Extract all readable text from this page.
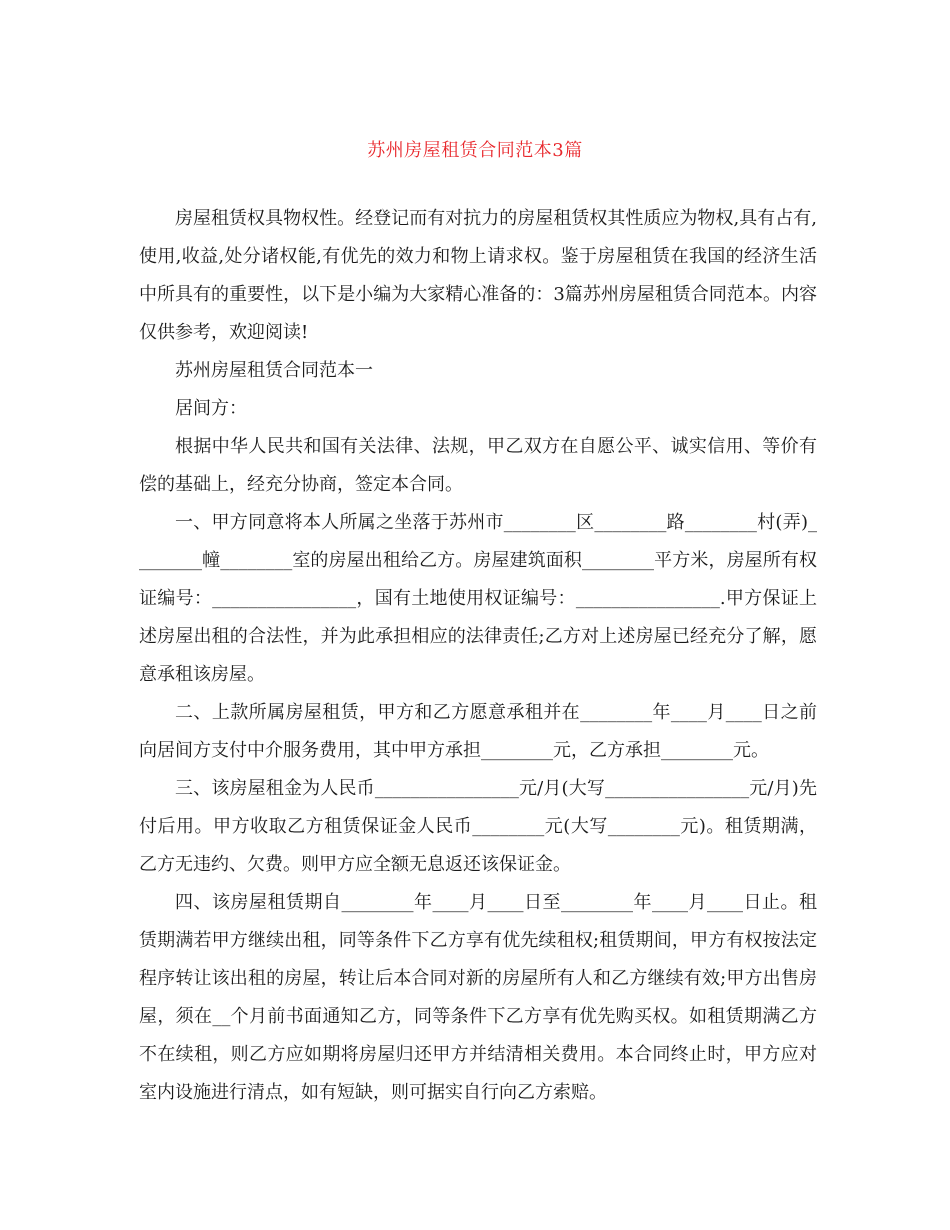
苏州房屋租赁合同范本3篇

房屋租赁权具物权性。经登记而有对抗力的房屋租赁权其性质应为物权,具有占有,使用,收益,处分诸权能,有优先的效力和物上请求权。鉴于房屋租赁在我国的经济生活中所具有的重要性，以下是小编为大家精心准备的：3篇苏州房屋租赁合同范本。内容仅供参考，欢迎阅读!

苏州房屋租赁合同范本一

居间方：

根据中华人民共和国有关法律、法规，甲乙双方在自愿公平、诚实信用、等价有偿的基础上，经充分协商，签定本合同。

一、甲方同意将本人所属之坐落于苏州市________区________路________村(弄)________幢________室的房屋出租给乙方。房屋建筑面积________平方米，房屋所有权证编号：________________，国有土地使用权证编号：________________.甲方保证上述房屋出租的合法性，并为此承担相应的法律责任;乙方对上述房屋已经充分了解，愿意承租该房屋。

二、上款所属房屋租赁，甲方和乙方愿意承租并在________年____月____日之前向居间方支付中介服务费用，其中甲方承担________元，乙方承担________元。

三、该房屋租金为人民币________________元/月(大写________________元/月)先付后用。甲方收取乙方租赁保证金人民币________元(大写________元)。租赁期满，乙方无违约、欠费。则甲方应全额无息返还该保证金。

四、该房屋租赁期自________年____月____日至________年____月____日止。租赁期满若甲方继续出租，同等条件下乙方享有优先续租权;租赁期间，甲方有权按法定程序转让该出租的房屋，转让后本合同对新的房屋所有人和乙方继续有效;甲方出售房屋，须在__个月前书面通知乙方，同等条件下乙方享有优先购买权。如租赁期满乙方不在续租，则乙方应如期将房屋归还甲方并结清相关费用。本合同终止时，甲方应对室内设施进行清点，如有短缺，则可据实自行向乙方索赔。
